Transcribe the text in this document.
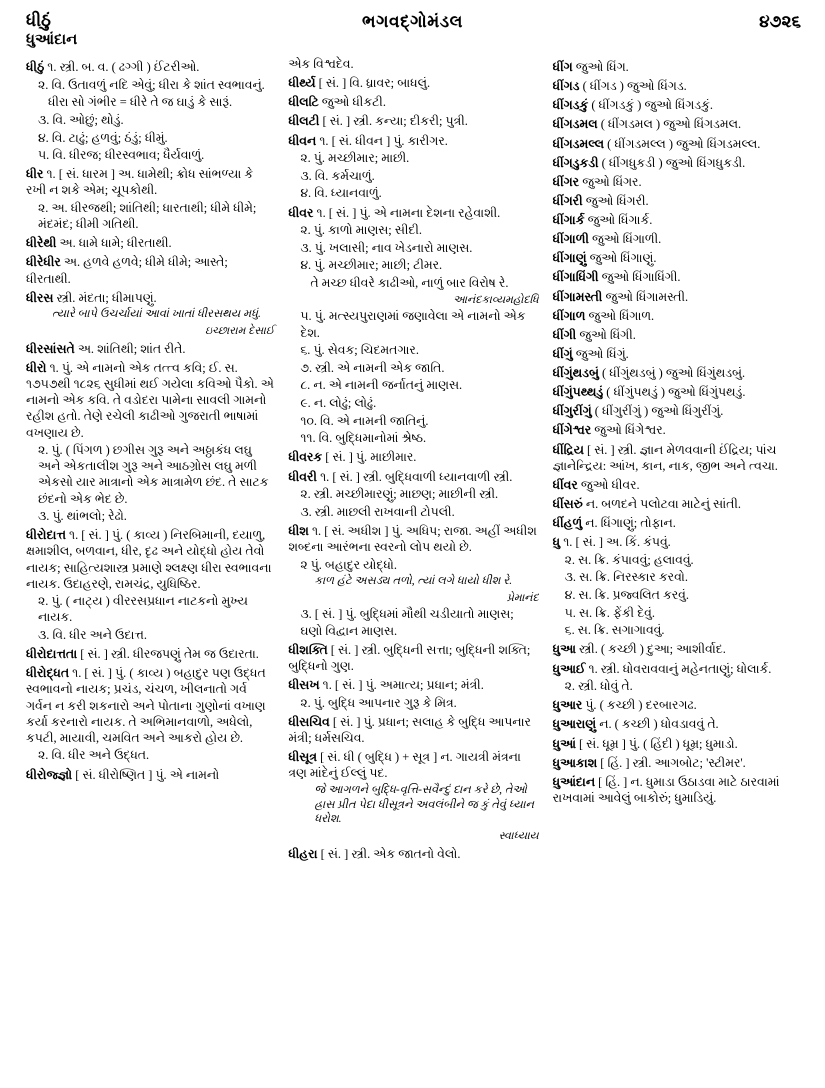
ધીઠું
ધુઆંદાન
ભગવદ્ગોમંડલ	૪૭૨૬
ધીઠું ૧. સ્ત્રી. બ. વ. ( ઢગ્ગી ) ઈંટરીઓ.
૨. વિ. ઉતાવળું નદિ એવું; ધીરા કે શાંત સ્વભાવનું.
ધીરા સો ગંભીર = ધીરે તે જ ઘાડું કે સારૂં.
૩. વિ. ઓછું; થોડું.
૪. વિ. ટાઢું; હળવું; ઠંડું; ધીમું.
૫. વિ. ધીરજ; ધીરસ્વભાવ; ધૈર્યવાળું.
ધીર ૧. [ સં. ધારમ ] અ. ધામેથી; ક્રોધ સાંભળ્યા કે રખી ન શકે એમ; ચૂપકોથી.
૨. અ. ધીરજથી; શાંતિથી; ધારતાથી; ધીમે ધીમે; મંદમંદ; ધીમી ગતિથી.
ધીરેથી અ. ધામે ધામે; ધીરતાથી.
ધીરેધીર અ. હળવે હળવે; ધીમે ધીમે; આસ્તે; ધીરતાથી.
ધીરસ સ્ત્રી. મંદતા; ધીમાપણું.
ત્યારે બાપે ઉચર્ચાયાં આવાં ખાતાં ધીરસથય મધું.
ઇચ્છારામ દેસાઈ
ધીરસાંસતે અ. શાંતિથી; શાંત રીતે.
ધીરો ૧. પું. એ નામનો એક તત્ત્વ કવિ; ઈ. સ. ૧૭૫૭થી ૧૮૨૬ સુધીમાં થઈ ગયેલા કવિઓ પૈકો. એ નામનો એક કવિ. તે વડોદરા પામેના સાવલી ગામનો રહીશ હતો. તેણે રચેલી કાઢીઓ ગુજરાતી ભાષામાં વખણાય છે.
૨. પું. ( પિંગળ ) છગીસ ગુરૂ અને અઠ્ઠાકંધ લઘુ અને એકતાલીશ ગુરૂ અને આઠગ્રોસ લઘુ મળી એકસો યાર માત્રાનો એક માત્રામેળ છંદ. તે સાટક છંદનો એક ભેદ છે.
૩. પું. થાંભલો; રેઢો.
ધીરોદાત્ત ૧. [ સં. ] પું. ( કાવ્ય ) નિરબિમાની, દયાળુ, ક્ષમાશીલ, બળવાન, ધીર, દૃઢ અને યોદ્ધો હોય તેવો નાયક; સાહિત્યશાસ્ત્ર પ્રમાણે શ્લક્ષ્ણ ધીરા સ્વભાવના નાયક. ઉદાહરણે, રામચંદ્ર, યુધિષ્ઠિર.
૨. પું. ( નાટ્ય ) વીરરસપ્રધાન નાટકનો મુખ્ય નાયક.
૩. વિ. ધીર અને ઉદાત્ત.
ધીરોદાત્તતા [ સં. ] સ્ત્રી. ધીરજપણું તેમ જ ઉદારતા.
ધીરોદ્ધત ૧. [ સં. ] પું. ( કાવ્ય ) બહાદુર પણ ઉદ્ધત સ્વભાવનો નાયક; પ્રચંડ, ચંચળ, ખીલનાતો ગર્વ ગર્વન ન કરી શકનારો અને પોતાના ગુણોનાં વખાણ કર્યા કરનારો નાયક. તે અભિમાનવાળો, અધેલો, કપટી, માયાવી, ચમવિત અને આકરો હોય છે.
૨. વિ. ધીર અને ઉદ્ધત.
ધીરોજ્જ્ઞો [ સં. ધીરોષ્ણિત ] પું. એ નામનો
એક વિશ્વદેવ.
ધીર્થ્ય [ સં. ] વિ. ધ્રાવર; બાધલું.
ધીલટિ જુઓ ધીકટી.
ધીલટી [ સં. ] સ્ત્રી. કન્યા; દીકરી; પુત્રી.
ધીવન ૧. [ સં. ધીવન ] પું. કારીગર.
૨. પું. મચ્છીમાર; માછી.
૩. વિ. કર્મચાળું.
૪. વિ. ધ્યાનવાળું.
ધીવર ૧. [ સં. ] પું. એ નામના દેશના રહેવાશી.
૨. પું. કાળો માણસ; સીદી.
૩. પું. ખલાસી; નાવ ખેડનારો માણસ.
૪. પું. મચ્છીમાર; માછી; ટીમર.
તે મચ્છ ધીવરે કાઢીઓ, નાળું બાર વિરોષ રે.
આનંદકાવ્યમહોદધિ
૫. પું. મત્સ્યપુરાણમાં જણાવેલા એ નામનો એક દેશ.
૬. પું. સેવક; ચિદમતગાર.
૭. સ્ત્રી. એ નામની એક જાતિ.
૮. ન. એ નામની જર્નાતનું માણસ.
૯. ન. લોઢું; લોઢું.
૧૦. વિ. એ નામની જાતિનું.
૧૧. વિ. બુદ્ધિમાનોમાં શ્રેષ્ઠ.
ધીવરક [ સં. ] પું. માછીમાર.
ધીવરી ૧. [ સં. ] સ્ત્રી. બુદ્ધિવાળી ધ્યાનવાળી સ્ત્રી.
૨. સ્ત્રી. મચ્છીમારણું; માછણ; માછીની સ્ત્રી.
૩. સ્ત્રી. માછલી રાખવાની ટોપલી.
ધીશ ૧. [ સં. અધીશ ] પું. અધિપ; રાજા. અહીં અધીશ શબ્દના આરંભના સ્વરનો લોપ થયો છે.
૨ પું. બહાદુર યોદ્ધો.
કાળ હંટે અસડ્ય તળો, ત્યાં લગે ધાયો ધીશ રે.
પ્રેમાનંદ
૩. [ સં. ] પું. બુદ્ધિમાં મૌથી ચડીયાતો માણસ; ઘણો વિદ્વાન માણસ.
ધીશક્તિ [ સં. ] સ્ત્રી. બુદ્ધિની સત્તા; બુદ્ધિની શક્તિ; બુદ્ધિનો ગુણ.
ધીસખ ૧. [ સં. ] પું. અમાત્ય; પ્રધાન; મંત્રી.
૨. પું. બુદ્ધિ આપનાર ગુરૂ કે મિત્ર.
ધીસચિવ [ સં. ] પું. પ્રધાન; સલાહ કે બુદ્ધિ આપનાર મંત્રી; ધર્મસચિવ.
ધીસૂત્ર [ સં. ધી ( બુદ્ધિ ) + સૂત્ર ] ન. ગાયત્રી મંત્રના ત્રણ માંદેનું ઈલ્લું પદ.
જે આગળને બુદ્ધિ-વૃત્તિ-સવૈન્દું દાન કરે છે, તેઓ હ્રાસ પ્રીત પેદા ધીસૂત્રને અવલંબીને જ કું તેવું ધ્યાન ધરોશ.
સ્વાધ્યાય
ધીહરા [ સં. ] સ્ત્રી. એક જાતનો વેલો.
ધીંગ જુઓ ધિંગ.
ધીંગડ ( ધીંગડ ) જુઓ ધિંગડ.
ધીંગડકું ( ધીંગડકું ) જુઓ ધિંગડકું.
ધીંગડમલ ( ધીંગડમલ ) જુઓ ધિંગડમલ.
ધીંગડમલ્લ ( ધીંગડમલ્લ ) જુઓ ધિંગડમલ્લ.
ધીંગડુકડી ( ધીંગધુકડી ) જુઓ ધિંગધુકડી.
ધીંગર જુઓ ધિંગર.
ધીંગરી જુઓ ધિંગરી.
ધીંગાર્ક જુઓ ધિંગાર્ક.
ધીંગાળી જુઓ ધિંગાળી.
ધીંગાણું જુઓ ધિંગાણું.
ધીંગાધિંગી જુઓ ધિંગાધિંગી.
ધીંગામસ્તી જુઓ ધિંગામસ્તી.
ધીંગાળ જુઓ ધિંગાળ.
ધીંગી જુઓ ધિંગી.
ધીંગું જુઓ ધિંગું.
ધીંગુંથડબું ( ધીંગુંથડબું ) જુઓ ધિંગુંથડબું.
ધીંગુંપથ્થડું ( ધીંગુંપથડું ) જુઓ ધિંગુંપથડું.
ધીંગુરીંગું ( ધીંગુરીંગું ) જુઓ ધિંગુરીંગું.
ધીંગેશ્વર જુઓ ધિંગેશ્વર.
ધીંદ્રિય [ સં. ] સ્ત્રી. જ્ઞાન મેળવવાની ઈંદ્રિય; પાંચ જ્ઞાનેન્દ્રિય: આંખ, કાન, નાક, જીભ અને ત્વચા.
ધીંવર જુઓ ધીવર.
ધીંસરું ન. બળદને પલોટવા માટેનું સાંતી.
ધીંહળું ન. ધિંગાણું; તોફાન.
ધુ ૧. [ સં. ] અ. કિં. કંપવું.
૨. સ. ક્રિ. કંપાવવું; હલાવવું.
૩. સ. ક્રિ. નિરસ્કાર કરવો.
૪. સ. ક્રિ. પ્રજ્વલિત કરવું.
૫. સ. ક્રિ. ફેંકી દેવું.
૬. સ. ક્રિ. સગાગાવવું.
ધુઆ સ્ત્રી. ( કચ્છી ) દુઆ; આશીર્વાદ.
ધુઆઈ ૧. સ્ત્રી. ધોવરાવવાનું મહેનતાણું; ધોલાર્ક.
૨. સ્ત્રી. ધોવું તે.
ધુઆર પું. ( કચ્છી ) દરબારગઢ.
ધુઆરાણું ન. ( કચ્છી ) ધોવડાવવું તે.
ધુઆં [ સં. ધૂમ્ર ] પું. ( હિંદી ) ધૂમ્ર; ધુમાડો.
ધુઆકાશ [ હિં. ] સ્ત્રી. આગબોટ; 'સ્ટીમર'.
ધુઆંદાન [ હિં. ] ન. ધુમાડા ઉઠાડવા માટે ઠારવામાં રાખવામાં આવેલું બાકોરું; ધુમાડિયું.
